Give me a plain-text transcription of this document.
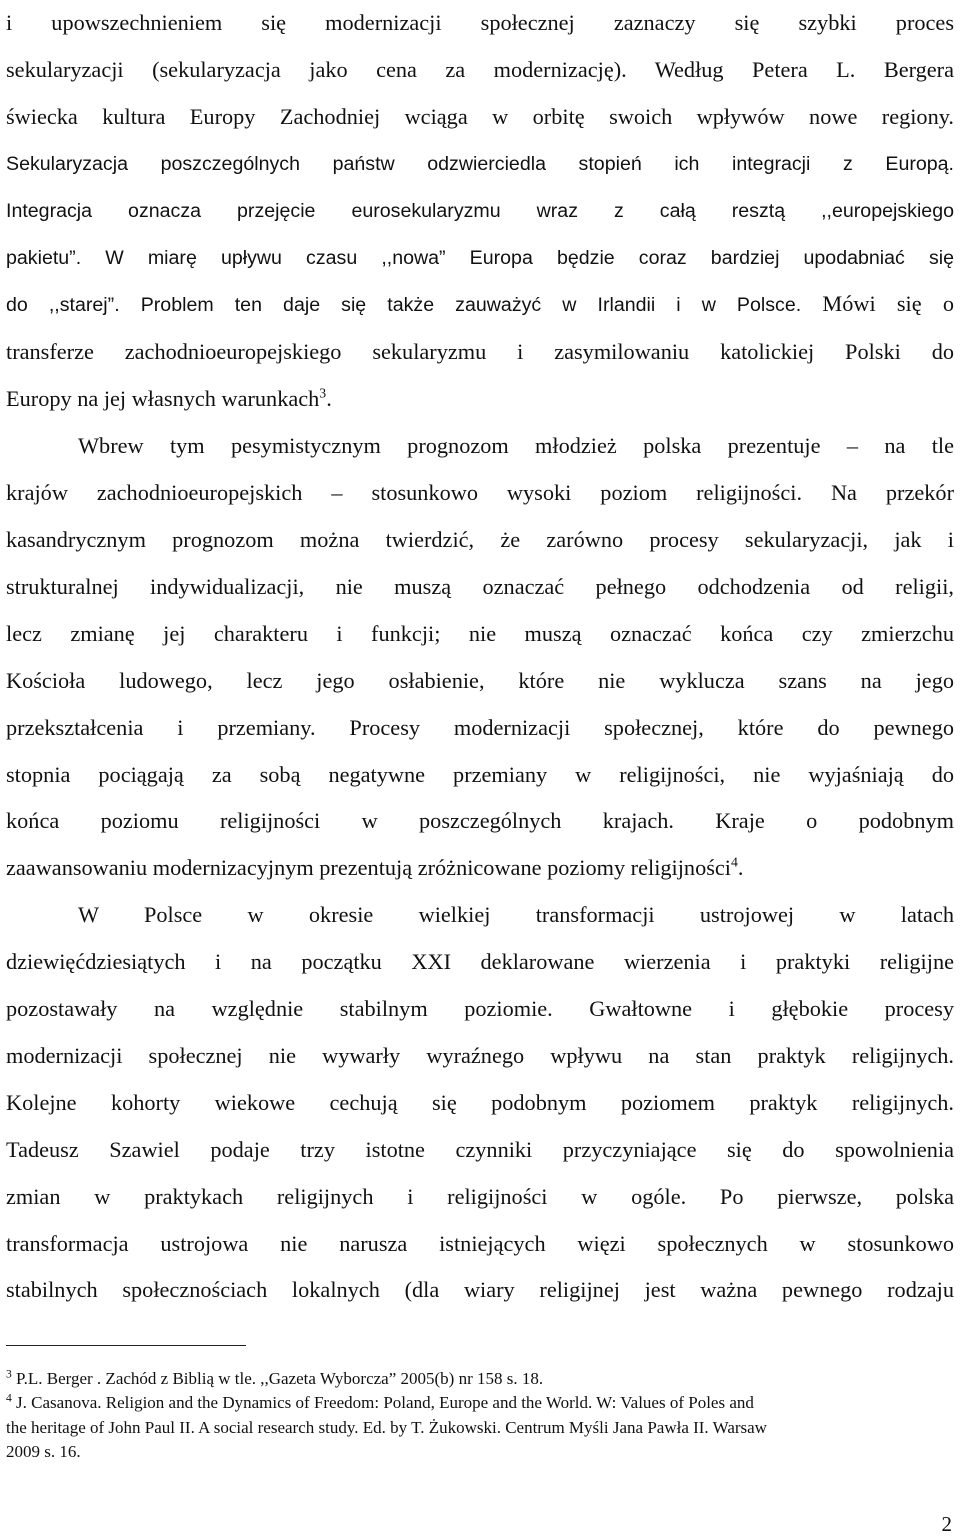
i upowszechnieniem się modernizacji społecznej zaznaczy się szybki proces
sekularyzacji (sekularyzacja jako cena za modernizację). Według Petera L. Bergera
świecka kultura Europy Zachodniej wciąga w orbitę swoich wpływów nowe regiony.
Sekularyzacja poszczególnych państw odzwierciedla stopień ich integracji z Europą.
Integracja oznacza przejęcie eurosekularyzmu wraz z całą resztą ,,europejskiego
pakietu”. W miarę upływu czasu ,,nowa” Europa będzie coraz bardziej upodabniać się
do ,,starej”. Problem ten daje się także zauważyć w Irlandii i w Polsce. Mówi się o
transferze zachodnioeuropejskiego sekularyzmu i zasymilowaniu katolickiej Polski do
Europy na jej własnych warunkach$^3$.

Wbrew tym pesymistycznym prognozom młodzież polska prezentuje – na tle
krajów zachodnioeuropejskich – stosunkowo wysoki poziom religijności. Na przekór
kasandrycznym prognozom można twierdzić, że zarówno procesy sekularyzacji, jak i
strukturalnej indywidualizacji, nie muszą oznaczać pełnego odchodzenia od religii,
lecz zmianę jej charakteru i funkcji; nie muszą oznaczać końca czy zmierzchu
Kościoła ludowego, lecz jego osłabienie, które nie wyklucza szans na jego
przekształcenia i przemiany. Procesy modernizacji społecznej, które do pewnego
stopnia pociągają za sobą negatywne przemiany w religijności, nie wyjaśniają do
końca poziomu religijności w poszczególnych krajach. Kraje o podobnym
zaawansowaniu modernizacyjnym prezentują zróżnicowane poziomy religijności$^4$.

W Polsce w okresie wielkiej transformacji ustrojowej w latach
dziewięćdziesiątych i na początku XXI deklarowane wierzenia i praktyki religijne
pozostawały na względnie stabilnym poziomie. Gwałtowne i głębokie procesy
modernizacji społecznej nie wywarły wyraźnego wpływu na stan praktyk religijnych.
Kolejne kohorty wiekowe cechują się podobnym poziomem praktyk religijnych.
Tadeusz Szawiel podaje trzy istotne czynniki przyczyniające się do spowolnienia
zmian w praktykach religijnych i religijności w ogóle. Po pierwsze, polska
transformacja ustrojowa nie narusza istniejących więzi społecznych w stosunkowo
stabilnych społecznościach lokalnych (dla wiary religijnej jest ważna pewnego rodzaju

$^3$ P.L. Berger . Zachód z Biblią w tle. ,,Gazeta Wyborcza” 2005(b) nr 158 s. 18.
$^4$ J. Casanova. Religion and the Dynamics of Freedom: Poland, Europe and the World. W: Values of Poles and
the heritage of John Paul II. A social research study. Ed. by T. Żukowski. Centrum Myśli Jana Pawła II. Warsaw
2009 s. 16.
2
